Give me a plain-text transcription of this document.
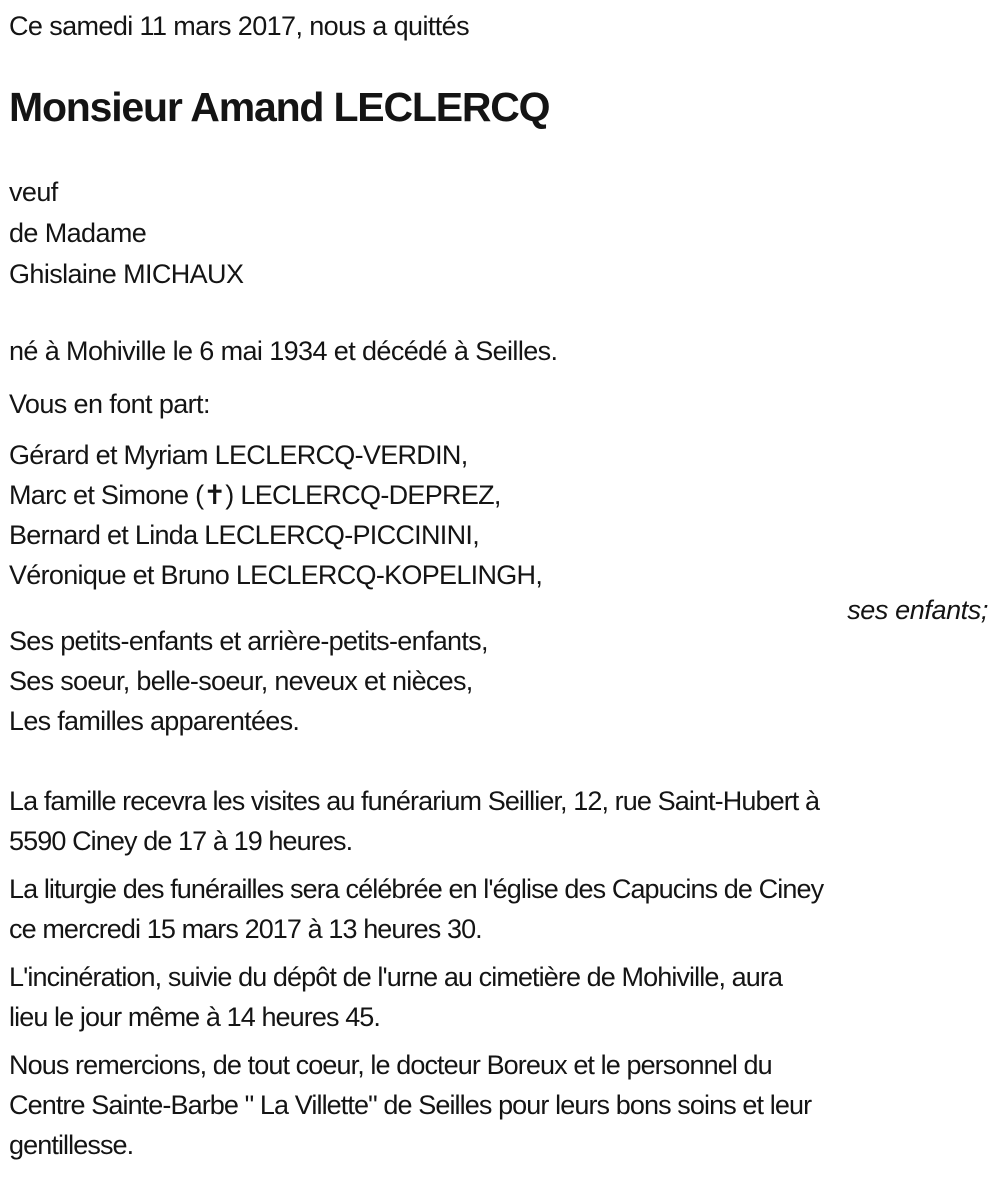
Ce samedi 11 mars 2017, nous a quittés

Monsieur Amand LECLERCQ

veuf

de Madame

Ghislaine MICHAUX

né à Mohiville le 6 mai 1934 et décédé à Seilles.

Vous en font part:

Gérard et Myriam LECLERCQ-VERDIN,

Marc et Simone (✝) LECLERCQ-DEPREZ,

Bernard et Linda LECLERCQ-PICCININI,

Véronique et Bruno LECLERCQ-KOPELINGH,

ses enfants;

Ses petits-enfants et arrière-petits-enfants,

Ses soeur, belle-soeur, neveux et nièces,

Les familles apparentées.

La famille recevra les visites au funérarium Seillier, 12, rue Saint-Hubert à

5590 Ciney de 17 à 19 heures.

La liturgie des funérailles sera célébrée en l'église des Capucins de Ciney

ce mercredi 15 mars 2017 à 13 heures 30.

L'incinération, suivie du dépôt de l'urne au cimetière de Mohiville, aura

lieu le jour même à 14 heures 45.

Nous remercions, de tout coeur, le docteur Boreux et le personnel du

Centre Sainte-Barbe " La Villette" de Seilles pour leurs bons soins et leur

gentillesse.
